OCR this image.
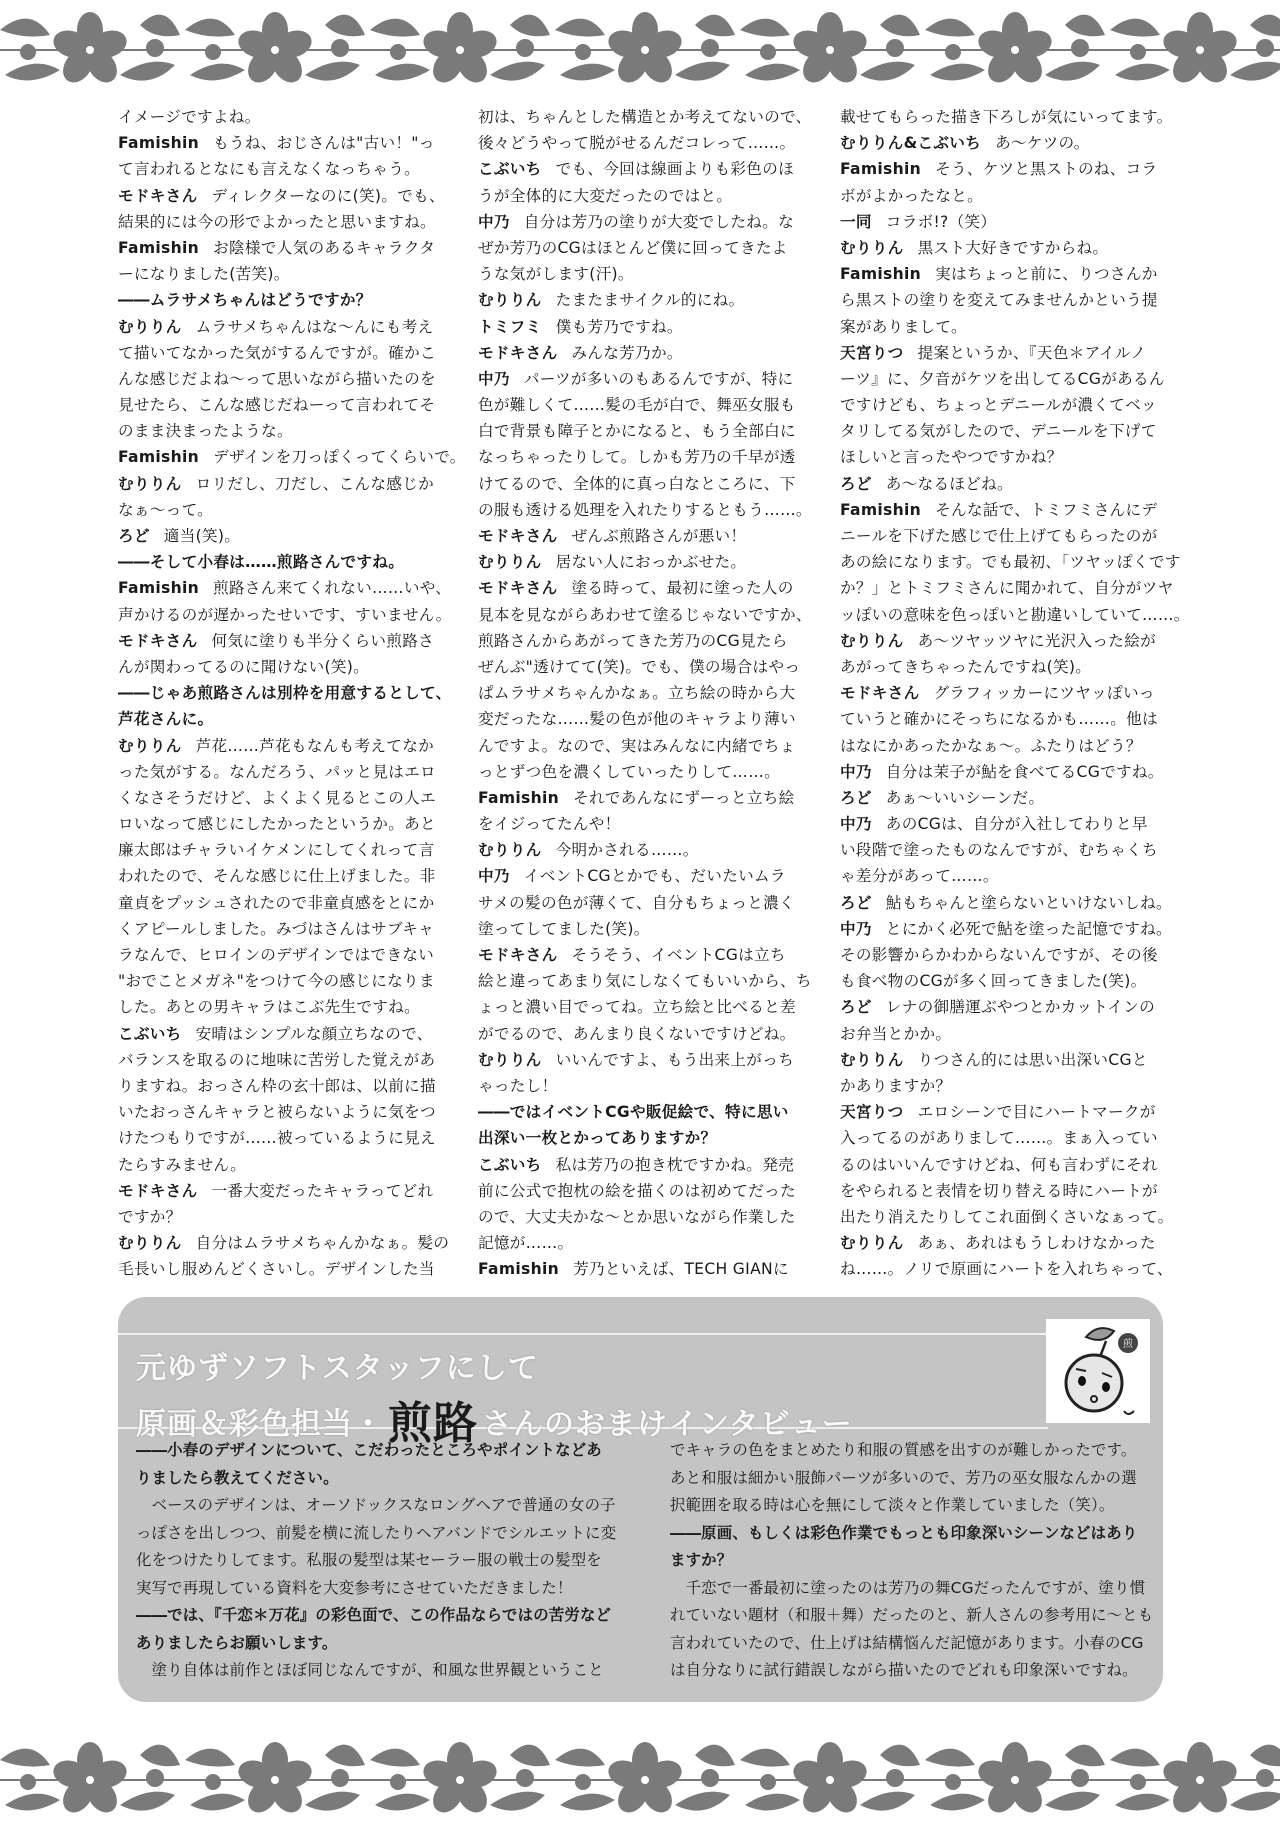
イメージですよね。
Famishin もうね、おじさんは"古い！"っ
て言われるとなにも言えなくなっちゃう。
モドキさん ディレクターなのに(笑)。でも、
結果的には今の形でよかったと思いますね。
Famishin お陰様で人気のあるキャラクタ
ーになりました(苦笑)。
――ムラサメちゃんはどうですか？
むりりん ムラサメちゃんはな～んにも考え
て描いてなかった気がするんですが。確かこ
んな感じだよね～って思いながら描いたのを
見せたら、こんな感じだねーって言われてそ
のまま決まったような。
Famishin デザインを刀っぽくってくらいで。
むりりん ロリだし、刀だし、こんな感じか
なぁ～って。
ろど 適当(笑)。
――そして小春は……煎路さんですね。
Famishin 煎路さん来てくれない……いや、
声かけるのが遅かったせいです、すいません。
モドキさん 何気に塗りも半分くらい煎路さ
んが関わってるのに聞けない(笑)。
――じゃあ煎路さんは別枠を用意するとして、
芦花さんに。
むりりん 芦花……芦花もなんも考えてなか
った気がする。なんだろう、パッと見はエロ
くなさそうだけど、よくよく見るとこの人エ
ロいなって感じにしたかったというか。あと
廉太郎はチャラいイケメンにしてくれって言
われたので、そんな感じに仕上げました。非
童貞をプッシュされたので非童貞感をとにか
くアピールしました。みづはさんはサブキャ
ラなんで、ヒロインのデザインではできない
"おでことメガネ"をつけて今の感じになりま
した。あとの男キャラはこぶ先生ですね。
こぶいち 安晴はシンプルな顔立ちなので、
バランスを取るのに地味に苦労した覚えがあ
りますね。おっさん枠の玄十郎は、以前に描
いたおっさんキャラと被らないように気をつ
けたつもりですが……被っているように見え
たらすみません。
モドキさん 一番大変だったキャラってどれ
ですか？
むりりん 自分はムラサメちゃんかなぁ。髪の
毛長いし服めんどくさいし。デザインした当
初は、ちゃんとした構造とか考えてないので、
後々どうやって脱がせるんだコレって……。
こぶいち でも、今回は線画よりも彩色のほ
うが全体的に大変だったのではと。
中乃 自分は芳乃の塗りが大変でしたね。な
ぜか芳乃のCGはほとんど僕に回ってきたよ
うな気がします(汗)。
むりりん たまたまサイクル的にね。
トミフミ 僕も芳乃ですね。
モドキさん みんな芳乃か。
中乃 パーツが多いのもあるんですが、特に
色が難しくて……髪の毛が白で、舞巫女服も
白で背景も障子とかになると、もう全部白に
なっちゃったりして。しかも芳乃の千早が透
けてるので、全体的に真っ白なところに、下
の服も透ける処理を入れたりするともう……。
モドキさん ぜんぶ煎路さんが悪い！
むりりん 居ない人におっかぶせた。
モドキさん 塗る時って、最初に塗った人の
見本を見ながらあわせて塗るじゃないですか、
煎路さんからあがってきた芳乃のCG見たら
ぜんぶ"透けてて(笑)。でも、僕の場合はやっ
ぱムラサメちゃんかなぁ。立ち絵の時から大
変だったな……髪の色が他のキャラより薄い
んですよ。なので、実はみんなに内緒でちょ
っとずつ色を濃くしていったりして……。
Famishin それであんなにずーっと立ち絵
をイジってたんや！
むりりん 今明かされる……。
中乃 イベントCGとかでも、だいたいムラ
サメの髪の色が薄くて、自分もちょっと濃く
塗ってしてました(笑)。
モドキさん そうそう、イベントCGは立ち
絵と違ってあまり気にしなくてもいいから、ち
ょっと濃い目でってね。立ち絵と比べると差
がでるので、あんまり良くないですけどね。
むりりん いいんですよ、もう出来上がっち
ゃったし！
――ではイベントCGや販促絵で、特に思い
出深い一枚とかってありますか？
こぶいち 私は芳乃の抱き枕ですかね。発売
前に公式で抱枕の絵を描くのは初めてだった
ので、大丈夫かな～とか思いながら作業した
記憶が……。
Famishin 芳乃といえば、TECH GIANに
載せてもらった描き下ろしが気にいってます。
むりりん&こぶいち あ～ケツの。
Famishin そう、ケツと黒ストのね、コラ
ボがよかったなと。
一同 コラボ!?（笑）
むりりん 黒スト大好きですからね。
Famishin 実はちょっと前に、りつさんか
ら黒ストの塗りを変えてみませんかという提
案がありまして。
天宮りつ 提案というか、『天色＊アイルノ
ーツ』に、夕音がケツを出してるCGがあるん
ですけども、ちょっとデニールが濃くてベッ
タリしてる気がしたので、デニールを下げて
ほしいと言ったやつですかね？
ろど あ～なるほどね。
Famishin そんな話で、トミフミさんにデ
ニールを下げた感じで仕上げてもらったのが
あの絵になります。でも最初、「ツヤッぽくです
か？」とトミフミさんに聞かれて、自分がツヤ
ッぽいの意味を色っぽいと勘違いしていて……。
むりりん あ～ツヤッツヤに光沢入った絵が
あがってきちゃったんですね(笑)。
モドキさん グラフィッカーにツヤッぽいっ
ていうと確かにそっちになるかも……。他は
はなにかあったかなぁ～。ふたりはどう？
中乃 自分は茉子が鮎を食べてるCGですね。
ろど あぁ～いいシーンだ。
中乃 あのCGは、自分が入社してわりと早
い段階で塗ったものなんですが、むちゃくち
ゃ差分があって……。
ろど 鮎もちゃんと塗らないといけないしね。
中乃 とにかく必死で鮎を塗った記憶ですね。
その影響からかわからないんですが、その後
も食べ物のCGが多く回ってきました(笑)。
ろど レナの御膳運ぶやつとかカットインの
お弁当とかか。
むりりん りつさん的には思い出深いCGと
かありますか？
天宮りつ エロシーンで目にハートマークが
入ってるのがありまして……。まぁ入ってい
るのはいいんですけどね、何も言わずにそれ
をやられると表情を切り替える時にハートが
出たり消えたりしてこれ面倒くさいなぁって。
むりりん あぁ、あれはもうしわけなかった
ね……。ノリで原画にハートを入れちゃって、
元ゆずソフトスタッフにして
原画＆彩色担当・煎路 さんのおまけインタビュー
煎
――小春のデザインについて、こだわったところやポイントなどあ
りましたら教えてください。
　ベースのデザインは、オーソドックスなロングヘアで普通の女の子
っぽさを出しつつ、前髪を横に流したりヘアバンドでシルエットに変
化をつけたりしてます。私服の髪型は某セーラー服の戦士の髪型を
実写で再現している資料を大変参考にさせていただきました！
――では、『千恋＊万花』の彩色面で、この作品ならではの苦労など
ありましたらお願いします。
　塗り自体は前作とほぼ同じなんですが、和風な世界観ということ
でキャラの色をまとめたり和服の質感を出すのが難しかったです。
あと和服は細かい服飾パーツが多いので、芳乃の巫女服なんかの選
択範囲を取る時は心を無にして淡々と作業していました（笑）。
――原画、もしくは彩色作業でもっとも印象深いシーンなどはあり
ますか？
　千恋で一番最初に塗ったのは芳乃の舞CGだったんですが、塗り慣
れていない題材（和服＋舞）だったのと、新人さんの参考用に～とも
言われていたので、仕上げは結構悩んだ記憶があります。小春のCG
は自分なりに試行錯誤しながら描いたのでどれも印象深いですね。
